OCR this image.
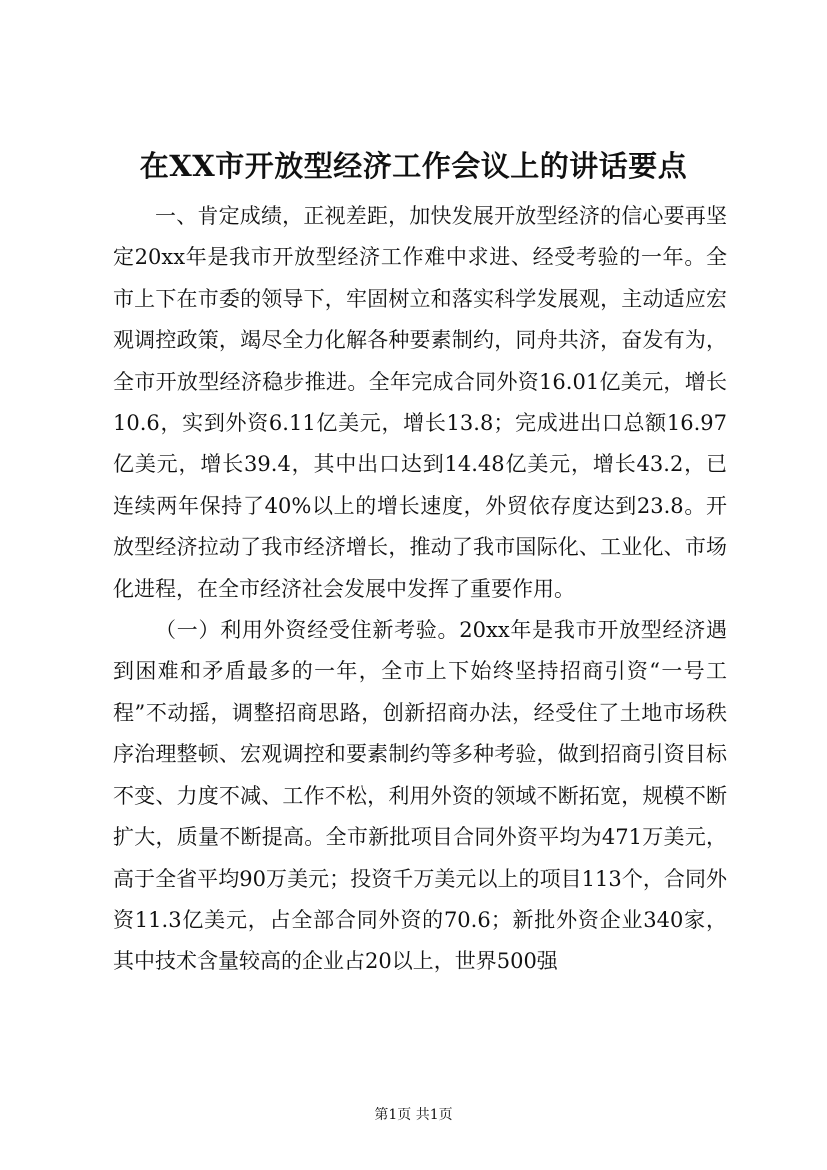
在XX市开放型经济工作会议上的讲话要点

一、肯定成绩，正视差距，加快发展开放型经济的信心要再坚定20xx年是我市开放型经济工作难中求进、经受考验的一年。全市上下在市委的领导下，牢固树立和落实科学发展观，主动适应宏观调控政策，竭尽全力化解各种要素制约，同舟共济，奋发有为，全市开放型经济稳步推进。全年完成合同外资16.01亿美元，增长10.6，实到外资6.11亿美元，增长13.8；完成进出口总额16.97亿美元，增长39.4，其中出口达到14.48亿美元，增长43.2，已连续两年保持了40%以上的增长速度，外贸依存度达到23.8。开放型经济拉动了我市经济增长，推动了我市国际化、工业化、市场化进程，在全市经济社会发展中发挥了重要作用。

（一）利用外资经受住新考验。20xx年是我市开放型经济遇到困难和矛盾最多的一年，全市上下始终坚持招商引资“一号工程”不动摇，调整招商思路，创新招商办法，经受住了土地市场秩序治理整顿、宏观调控和要素制约等多种考验，做到招商引资目标不变、力度不减、工作不松，利用外资的领域不断拓宽，规模不断扩大，质量不断提高。全市新批项目合同外资平均为471万美元，高于全省平均90万美元；投资千万美元以上的项目113个，合同外资11.3亿美元，占全部合同外资的70.6；新批外资企业340家，其中技术含量较高的企业占20以上，世界500强

第1页 共1页
